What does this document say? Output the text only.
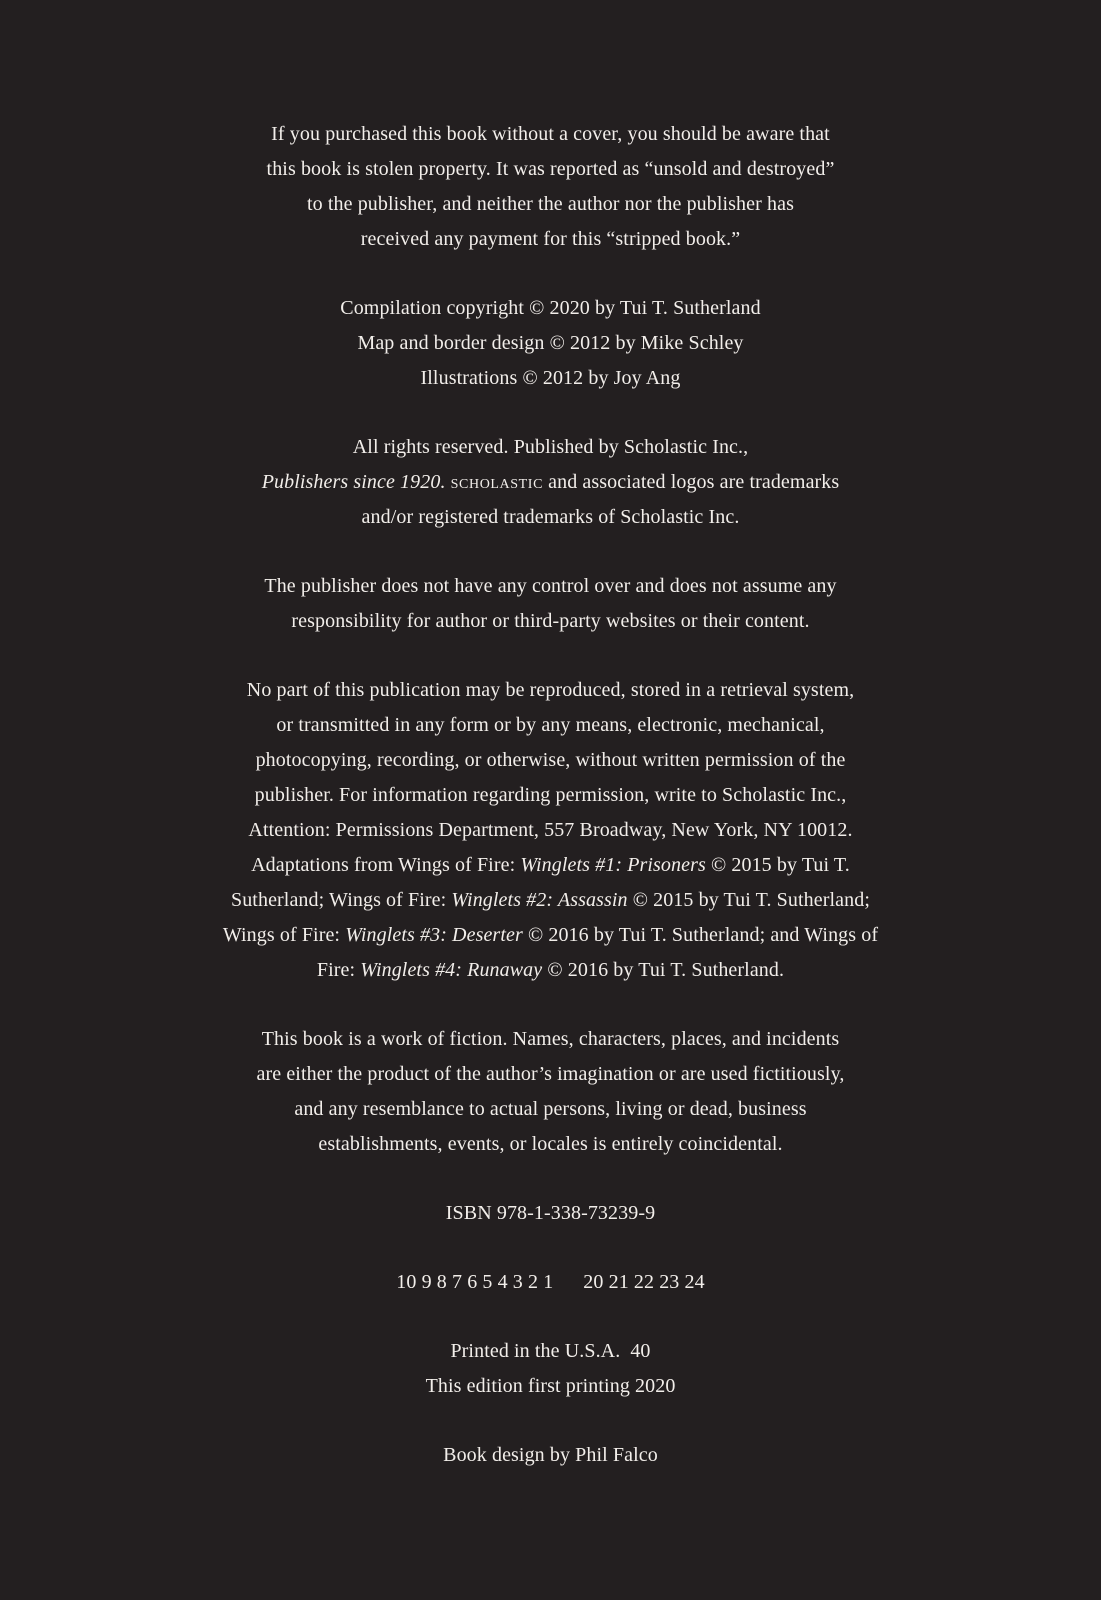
If you purchased this book without a cover, you should be aware that
this book is stolen property. It was reported as “unsold and destroyed”
to the publisher, and neither the author nor the publisher has
received any payment for this “stripped book.”
Compilation copyright © 2020 by Tui T. Sutherland
Map and border design © 2012 by Mike Schley
Illustrations © 2012 by Joy Ang
All rights reserved. Published by Scholastic Inc.,
Publishers since 1920. scholastic and associated logos are trademarks
and/or registered trademarks of Scholastic Inc.
The publisher does not have any control over and does not assume any
responsibility for author or third-party websites or their content.
No part of this publication may be reproduced, stored in a retrieval system,
or transmitted in any form or by any means, electronic, mechanical,
photocopying, recording, or otherwise, without written permission of the
publisher. For information regarding permission, write to Scholastic Inc.,
Attention: Permissions Department, 557 Broadway, New York, NY 10012.
Adaptations from Wings of Fire: Winglets #1: Prisoners © 2015 by Tui T.
Sutherland; Wings of Fire: Winglets #2: Assassin © 2015 by Tui T. Sutherland;
Wings of Fire: Winglets #3: Deserter © 2016 by Tui T. Sutherland; and Wings of
Fire: Winglets #4: Runaway © 2016 by Tui T. Sutherland.
This book is a work of fiction. Names, characters, places, and incidents
are either the product of the author’s imagination or are used fictitiously,
and any resemblance to actual persons, living or dead, business
establishments, events, or locales is entirely coincidental.
ISBN 978-1-338-73239-9
10 9 8 7 6 5 4 3 2 1 20 21 22 23 24
Printed in the U.S.A. 40
This edition first printing 2020
Book design by Phil Falco
